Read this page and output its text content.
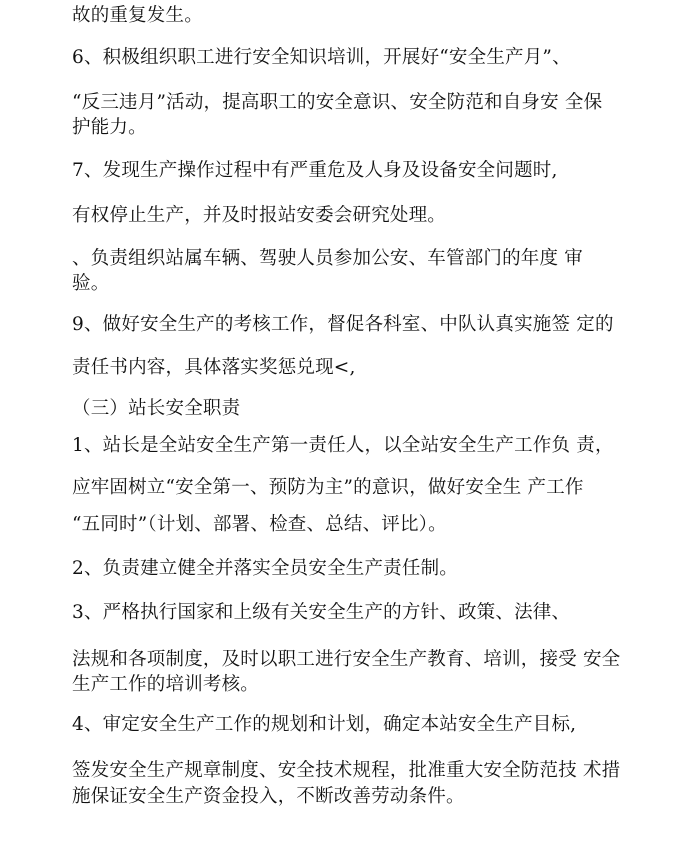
故的重复发生。
6、积极组织职工进行安全知识培训，开展好“安全生产月”、
“反三违月”活动，提高职工的安全意识、安全防范和自身安 全保
护能力。
7、发现生产操作过程中有严重危及人身及设备安全问题时,
有权停止生产，并及时报站安委会研究处理。
、负责组织站属车辆、驾驶人员参加公安、车管部门的年度 审
验。
9、做好安全生产的考核工作，督促各科室、中队认真实施签 定的
责任书内容，具体落实奖惩兑现<,
（三）站长安全职责
1、站长是全站安全生产第一责任人，以全站安全生产工作负 责，
应牢固树立“安全第一、预防为主”的意识，做好安全生 产工作
“五同时”（计划、部署、检查、总结、评比）。
2、负责建立健全并落实全员安全生产责任制。
3、严格执行国家和上级有关安全生产的方针、政策、法律、
法规和各项制度，及时以职工进行安全生产教育、培训，接受 安全
生产工作的培训考核。
4、审定安全生产工作的规划和计划，确定本站安全生产目标,
签发安全生产规章制度、安全技术规程，批准重大安全防范技 术措
施保证安全生产资金投入，不断改善劳动条件。
